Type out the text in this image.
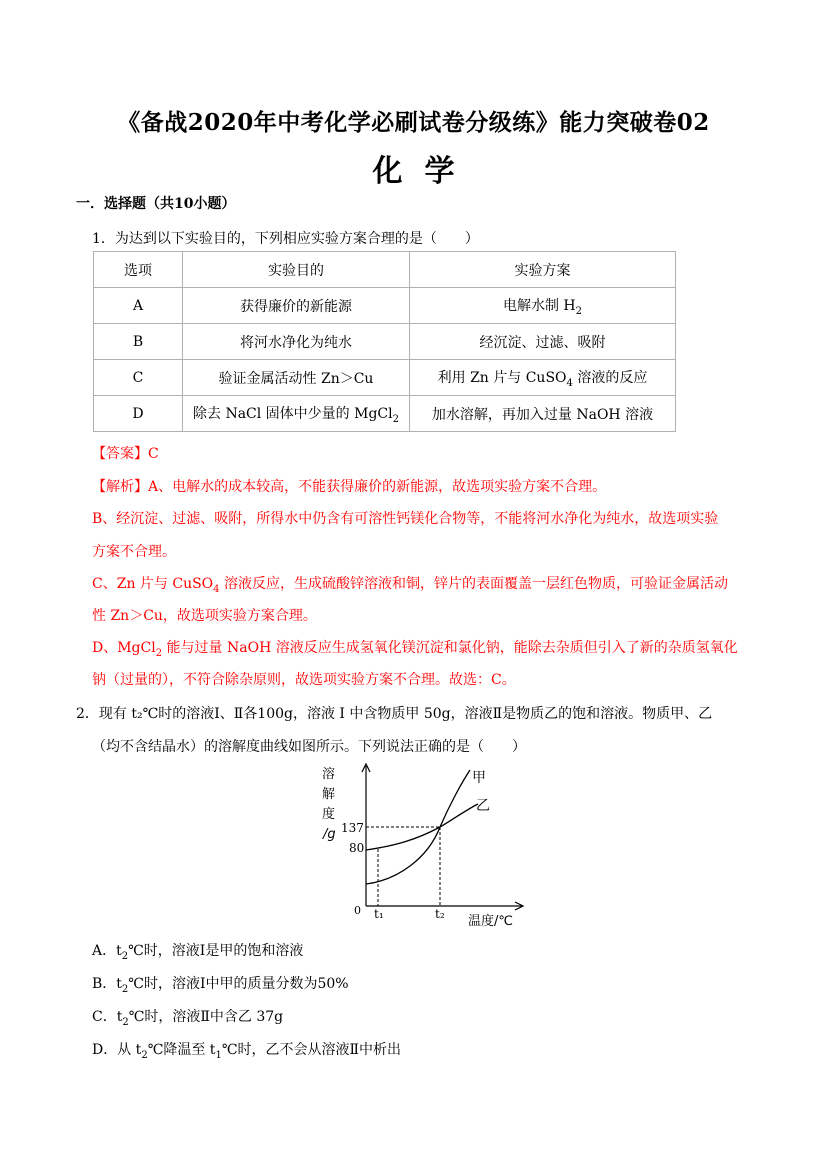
《备战2020年中考化学必刷试卷分级练》能力突破卷02
化学
一．选择题（共10小题）
1．为达到以下实验目的，下列相应实验方案合理的是（　　）
选项	实验目的	实验方案
A	获得廉价的新能源	电解水制 $H_2$
B	将河水净化为纯水	经沉淀、过滤、吸附
C	验证金属活动性 Zn＞Cu	利用 Zn 片与 CuSO$_4$ 溶液的反应
D	除去 NaCl 固体中少量的 MgCl$_2$	加水溶解，再加入过量 NaOH 溶液
【答案】C
【解析】A、电解水的成本较高，不能获得廉价的新能源，故选项实验方案不合理。
B、经沉淀、过滤、吸附，所得水中仍含有可溶性钙镁化合物等，不能将河水净化为纯水，故选项实验
方案不合理。
C、Zn 片与 CuSO$_4$ 溶液反应，生成硫酸锌溶液和铜，锌片的表面覆盖一层红色物质，可验证金属活动
性 Zn＞Cu，故选项实验方案合理。
D、MgCl$_2$ 能与过量 NaOH 溶液反应生成氢氧化镁沉淀和氯化钠，能除去杂质但引入了新的杂质氢氧化
钠（过量的），不符合除杂原则，故选项实验方案不合理。故选：C。
2．现有 t₂℃时的溶液Ⅰ、Ⅱ各100g，溶液 Ⅰ 中含物质甲 50g，溶液Ⅱ是物质乙的饱和溶液。物质甲、乙
（均不含结晶水）的溶解度曲线如图所示。下列说法正确的是（　　）
溶
解
度
/g 137
80
0 t₁	t₂ 温度/℃
甲
乙
A．$t_2℃$时，溶液Ⅰ是甲的饱和溶液
B．$t_2℃$时，溶液Ⅰ中甲的质量分数为50%
C．$t_2℃$时，溶液Ⅱ中含乙 37g
D．从 $t_2℃$降温至 $t_1℃$时，乙不会从溶液Ⅱ中析出
